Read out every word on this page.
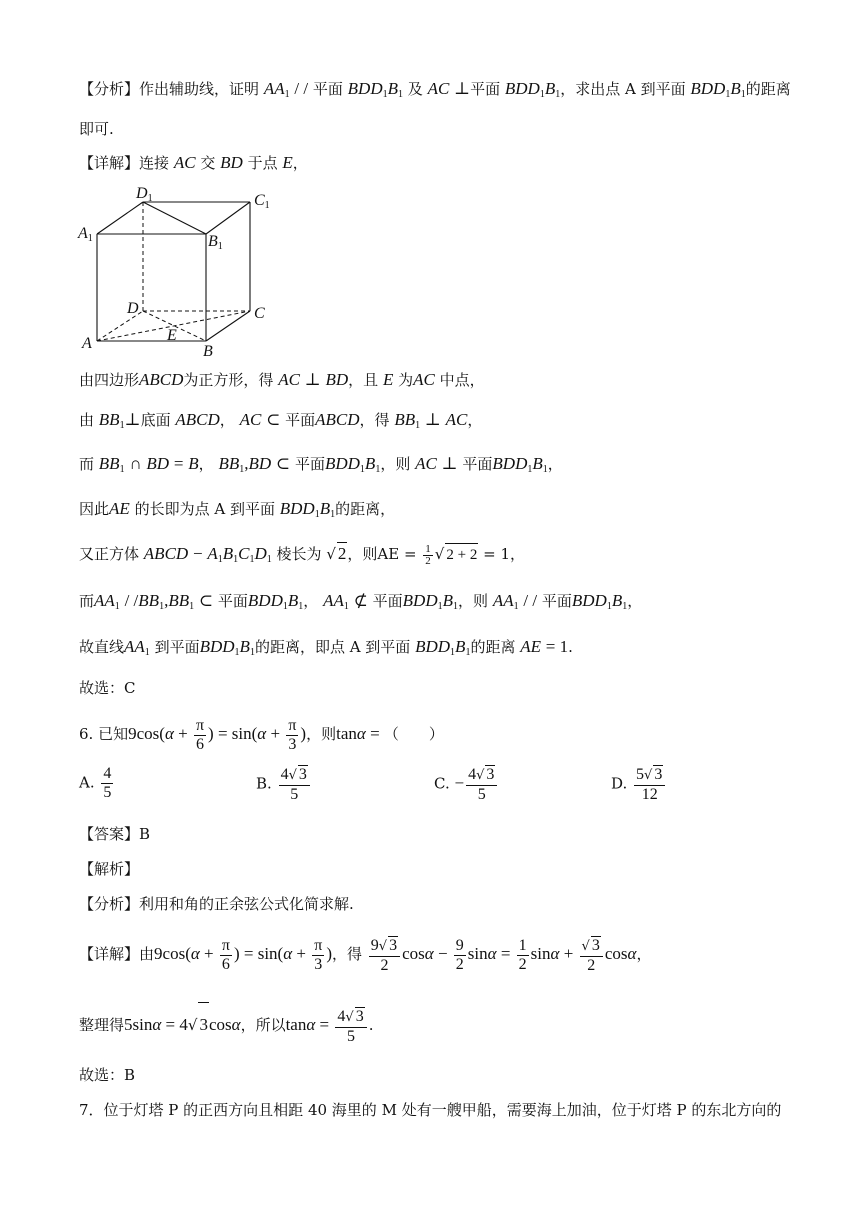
【分析】作出辅助线，证明 $AA_1$ / / 平面 $BDD_1B_1$ 及 AC ⊥平面 $BDD_1B_1$，求出点 A 到平面 $BDD_1B_1$的距离
即可.
【详解】连接 AC 交 BD 于点 E，
D1	C1
A1	B1
D	C
A	E
B
由四边形ABCD为正方形，得 AC ⊥ BD，且 E 为AC 中点，
由 $BB_1\perp$底面 ABCD， AC ⊂ 平面ABCD，得 $BB_1$ ⊥ AC，
而 $BB_1$ ∩ BD = B， $BB_1,BD$ ⊂ 平面$BDD_1B_1$，则 AC ⊥ 平面$BDD_1B_1$，
因此AE 的长即为点 A 到平面 $BDD_1B_1$的距离，
又正方体 ABCD − $A_1B_1C_1D_1$ 棱长为 √ 2，则AE = $\frac{1}{2}$ √ 2 + 2 = 1，
而$AA_1 / /BB_1,BB_1$ ⊂ 平面$BDD_1B_1$， $AA_1$ ⊄ 平面$BDD_1B_1$，则 $AA_1$ / / 平面$BDD_1B_1$，
故直线$AA_1$ 到平面$BDD_1B_1$的距离，即点 A 到平面 $BDD_1B_1$的距离 AE = 1.
故选：C
6. 已知$9\cos(\alpha + \frac{\pi}{6}$ ) = $\sin(\alpha + \frac{\pi}{3}$ )，则tanα = （　　）
A. $\frac{4}{5}$	B. $\frac{4√ 3}{5}$	C. − $\frac{4√ 3}{5}$	D. $\frac{5√ 3}{12}$
【答案】B
【解析】
【分析】利用和角的正余弦公式化简求解.
【详解】由$9\cos(\alpha + \frac{\pi}{6}$ ) = $\sin(\alpha + \frac{\pi}{3}$ )，得 $\frac{9√ 3}{2}$ $\cos\alpha - \frac{9}{2}$ $\sin\alpha = \frac{1}{2}$ $\sin\alpha + \frac{√ 3}{2}$ cosα，
整理得5sinα = 4√ 3cosα，所以$\tan\alpha = \frac{4√ 3}{5}$ .
故选：B
7．位于灯塔 P 的正西方向且相距 40 海里的 M 处有一艘甲船，需要海上加油，位于灯塔 P 的东北方向的
